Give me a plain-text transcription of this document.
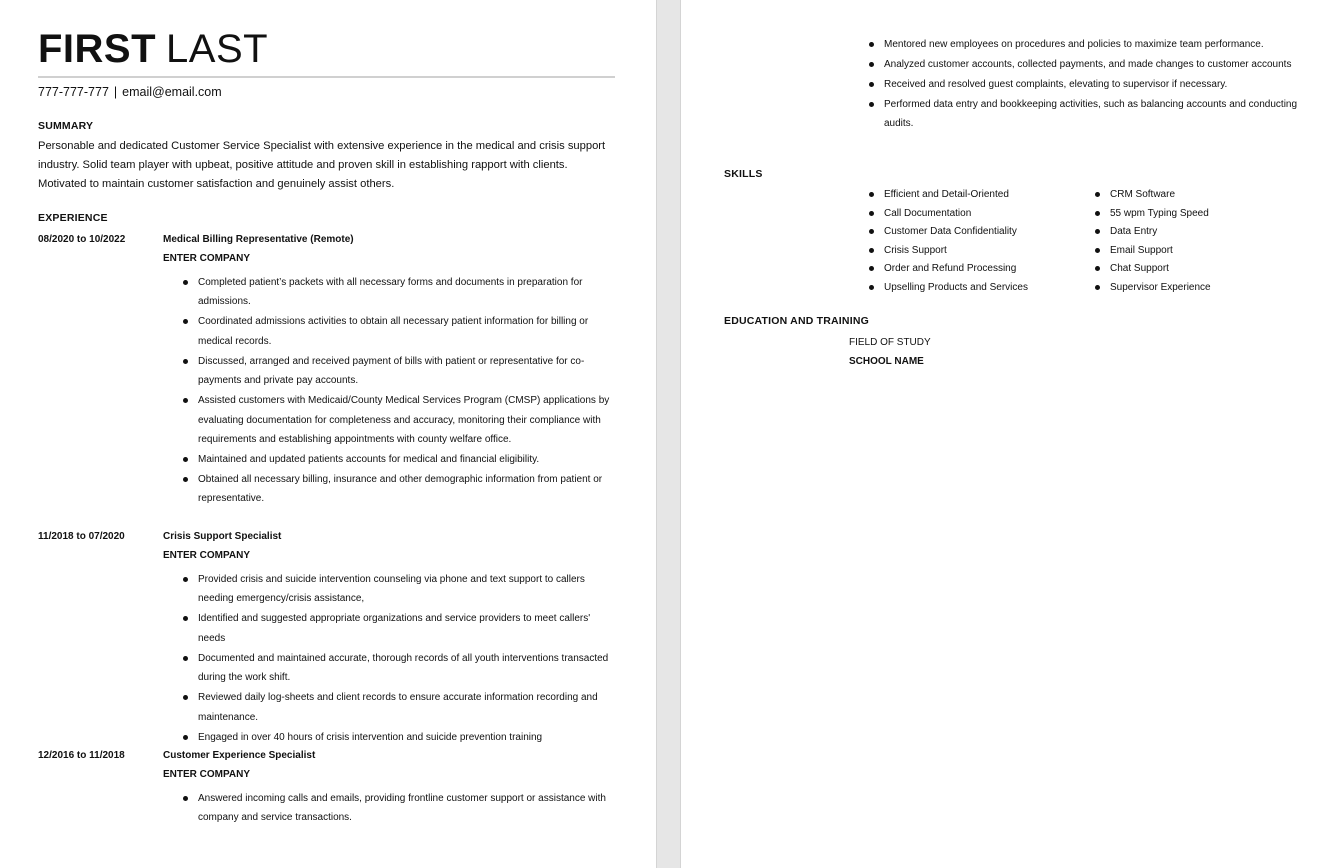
FIRST LAST
777-777-777 | email@email.com
SUMMARY
Personable and dedicated Customer Service Specialist with extensive experience in the medical and crisis support industry. Solid team player with upbeat, positive attitude and proven skill in establishing rapport with clients. Motivated to maintain customer satisfaction and genuinely assist others.
EXPERIENCE
08/2020 to 10/2022	Medical Billing Representative (Remote)
ENTER COMPANY
Completed patient’s packets with all necessary forms and documents in preparation for admissions.
Coordinated admissions activities to obtain all necessary patient information for billing or medical records.
Discussed, arranged and received payment of bills with patient or representative for co-payments and private pay accounts.
Assisted customers with Medicaid/County Medical Services Program (CMSP) applications by evaluating documentation for completeness and accuracy, monitoring their compliance with requirements and establishing appointments with county welfare office.
Maintained and updated patients accounts for medical and financial eligibility.
Obtained all necessary billing, insurance and other demographic information from patient or representative.
11/2018 to 07/2020	Crisis Support Specialist
ENTER COMPANY
Provided crisis and suicide intervention counseling via phone and text support to callers needing emergency/crisis assistance,
Identified and suggested appropriate organizations and service providers to meet callers' needs
Documented and maintained accurate, thorough records of all youth interventions transacted during the work shift.
Reviewed daily log-sheets and client records to ensure accurate information recording and maintenance.
Engaged in over 40 hours of crisis intervention and suicide prevention training
12/2016 to 11/2018	Customer Experience Specialist
ENTER COMPANY
Answered incoming calls and emails, providing frontline customer support or assistance with company and service transactions.
Mentored new employees on procedures and policies to maximize team performance.
Analyzed customer accounts, collected payments, and made changes to customer accounts
Received and resolved guest complaints, elevating to supervisor if necessary.
Performed data entry and bookkeeping activities, such as balancing accounts and conducting audits.
SKILLS
Efficient and Detail-Oriented
Call Documentation
Customer Data Confidentiality
Crisis Support
Order and Refund Processing
Upselling Products and Services
CRM Software
55 wpm Typing Speed
Data Entry
Email Support
Chat Support
Supervisor Experience
EDUCATION AND TRAINING
FIELD OF STUDY
SCHOOL NAME
